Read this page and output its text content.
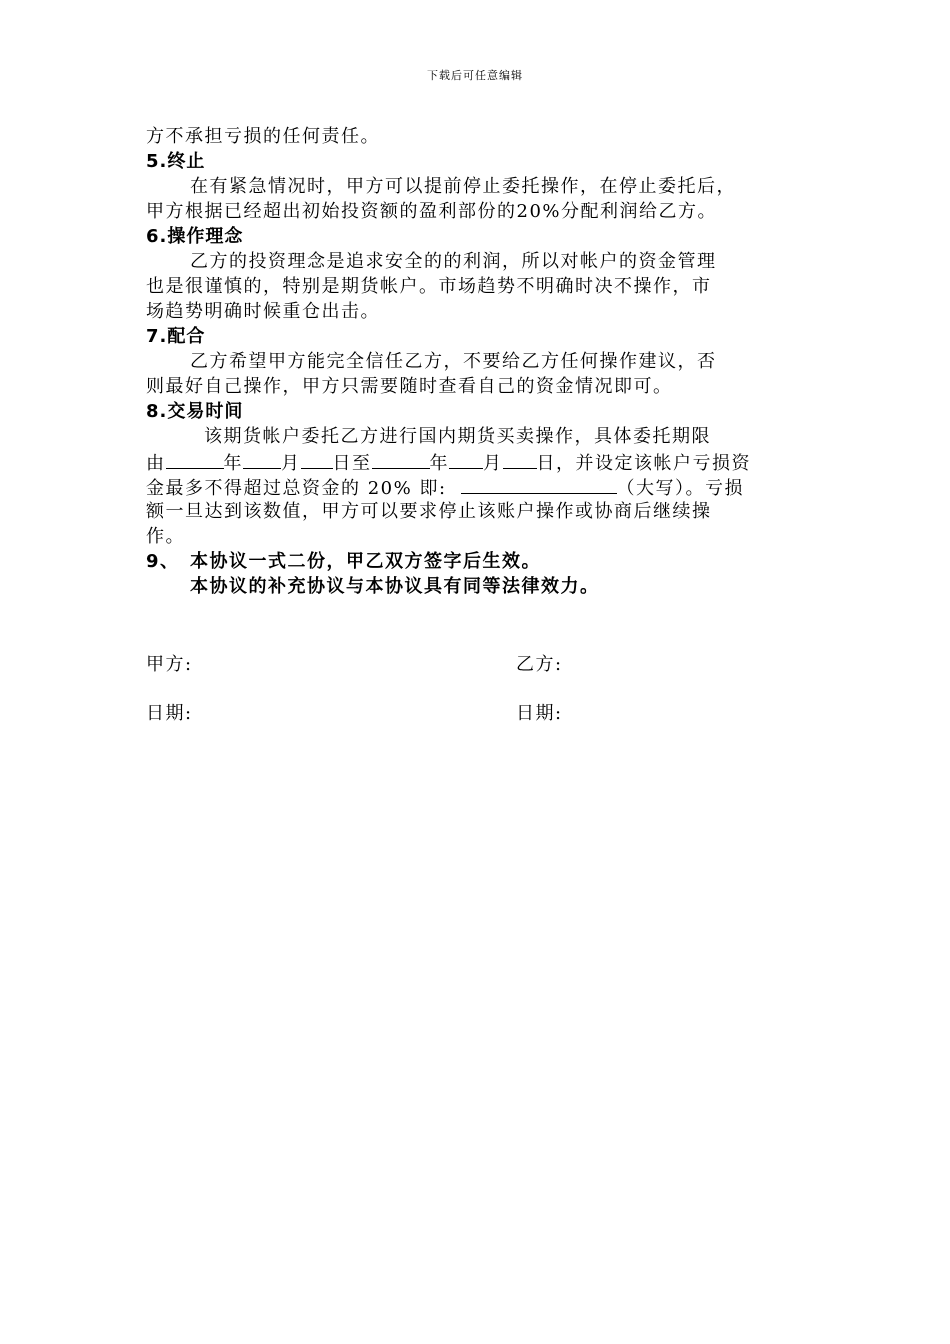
下载后可任意编辑
方不承担亏损的任何责任。
5.终止
在有紧急情况时，甲方可以提前停止委托操作，在停止委托后，
甲方根据已经超出初始投资额的盈利部份的20%分配利润给乙方。
6.操作理念
乙方的投资理念是追求安全的的利润，所以对帐户的资金管理
也是很谨慎的，特别是期货帐户。市场趋势不明确时决不操作，市
场趋势明确时候重仓出击。
7.配合
乙方希望甲方能完全信任乙方，不要给乙方任何操作建议，否
则最好自己操作，甲方只需要随时查看自己的资金情况即可。
8.交易时间
该期货帐户委托乙方进行国内期货买卖操作，具体委托期限
由	年 月 日至	年 月 日，并设定该帐户亏损资
金最多不得超过总资金的 20% 即:	（大写）。亏损
额一旦达到该数值，甲方可以要求停止该账户操作或协商后继续操
作。
9、 本协议一式二份，甲乙双方签字后生效。
本协议的补充协议与本协议具有同等法律效力。
甲方:	乙方:
日期:	日期:
